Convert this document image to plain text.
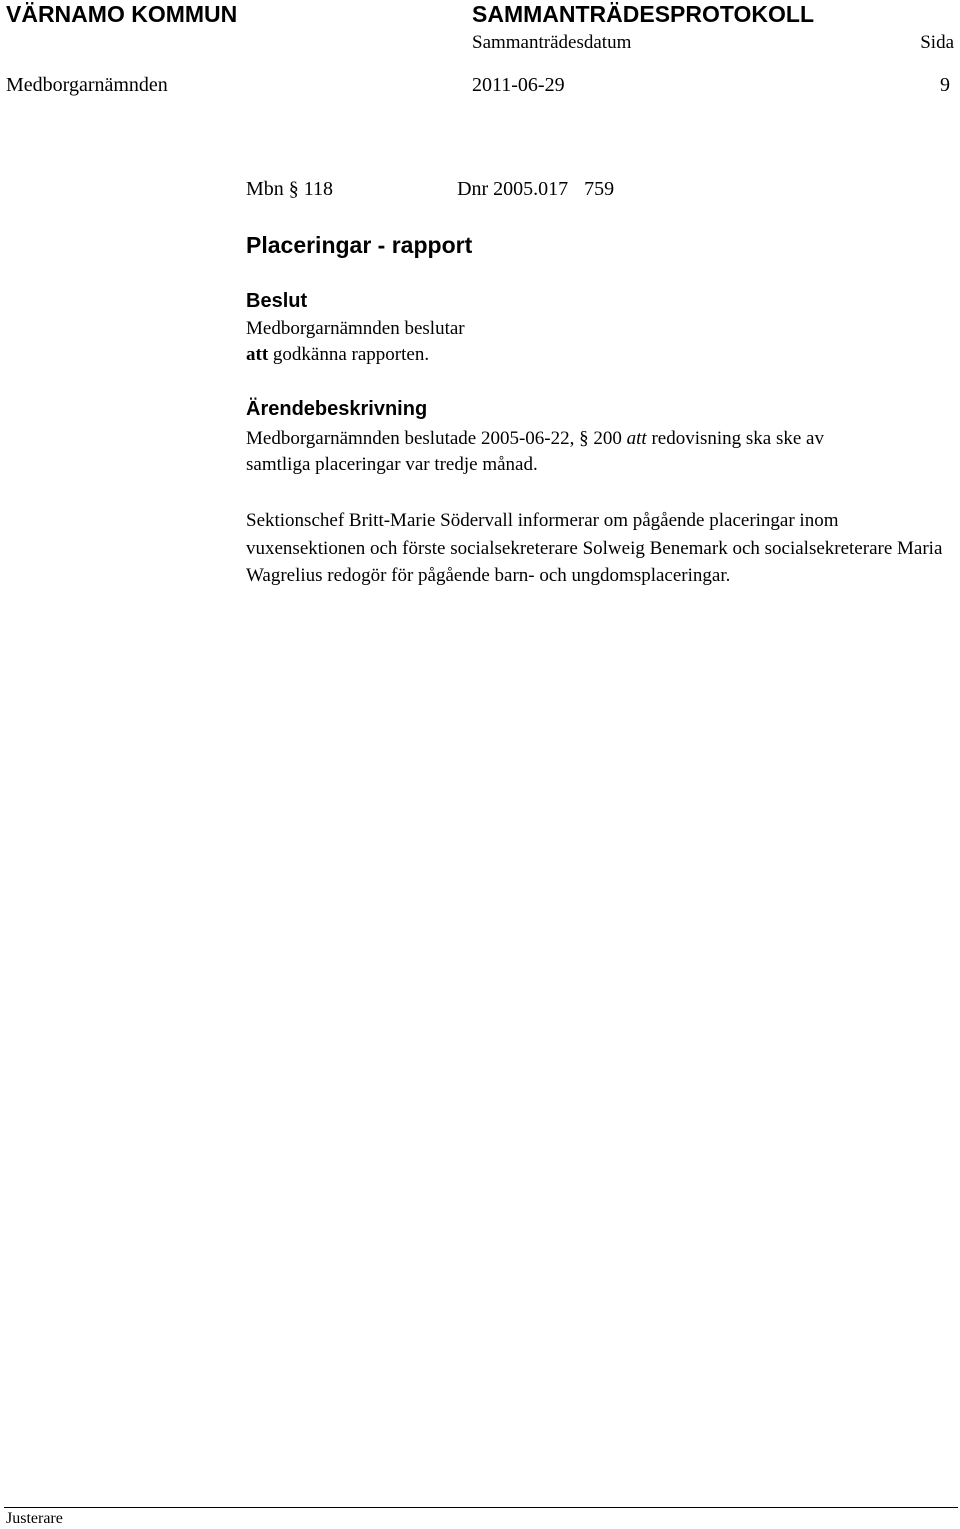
VÄRNAMO KOMMUN	SAMMANTRÄDESPROTOKOLL
Sammanträdesdatum	Sida
Medborgarnämnden	2011-06-29	9
Mbn § 118	Dnr 2005.017 759
Placeringar - rapport
Beslut
Medborgarnämnden beslutar
att godkänna rapporten.
Ärendebeskrivning
Medborgarnämnden beslutade 2005-06-22, § 200 att redovisning ska ske av
samtliga placeringar var tredje månad.
Sektionschef Britt-Marie Södervall informerar om pågående placeringar inom vuxensektionen och förste socialsekreterare Solweig Benemark och socialsekreterare Maria Wagrelius redogör för pågående barn- och ungdomsplaceringar.
Justerare
